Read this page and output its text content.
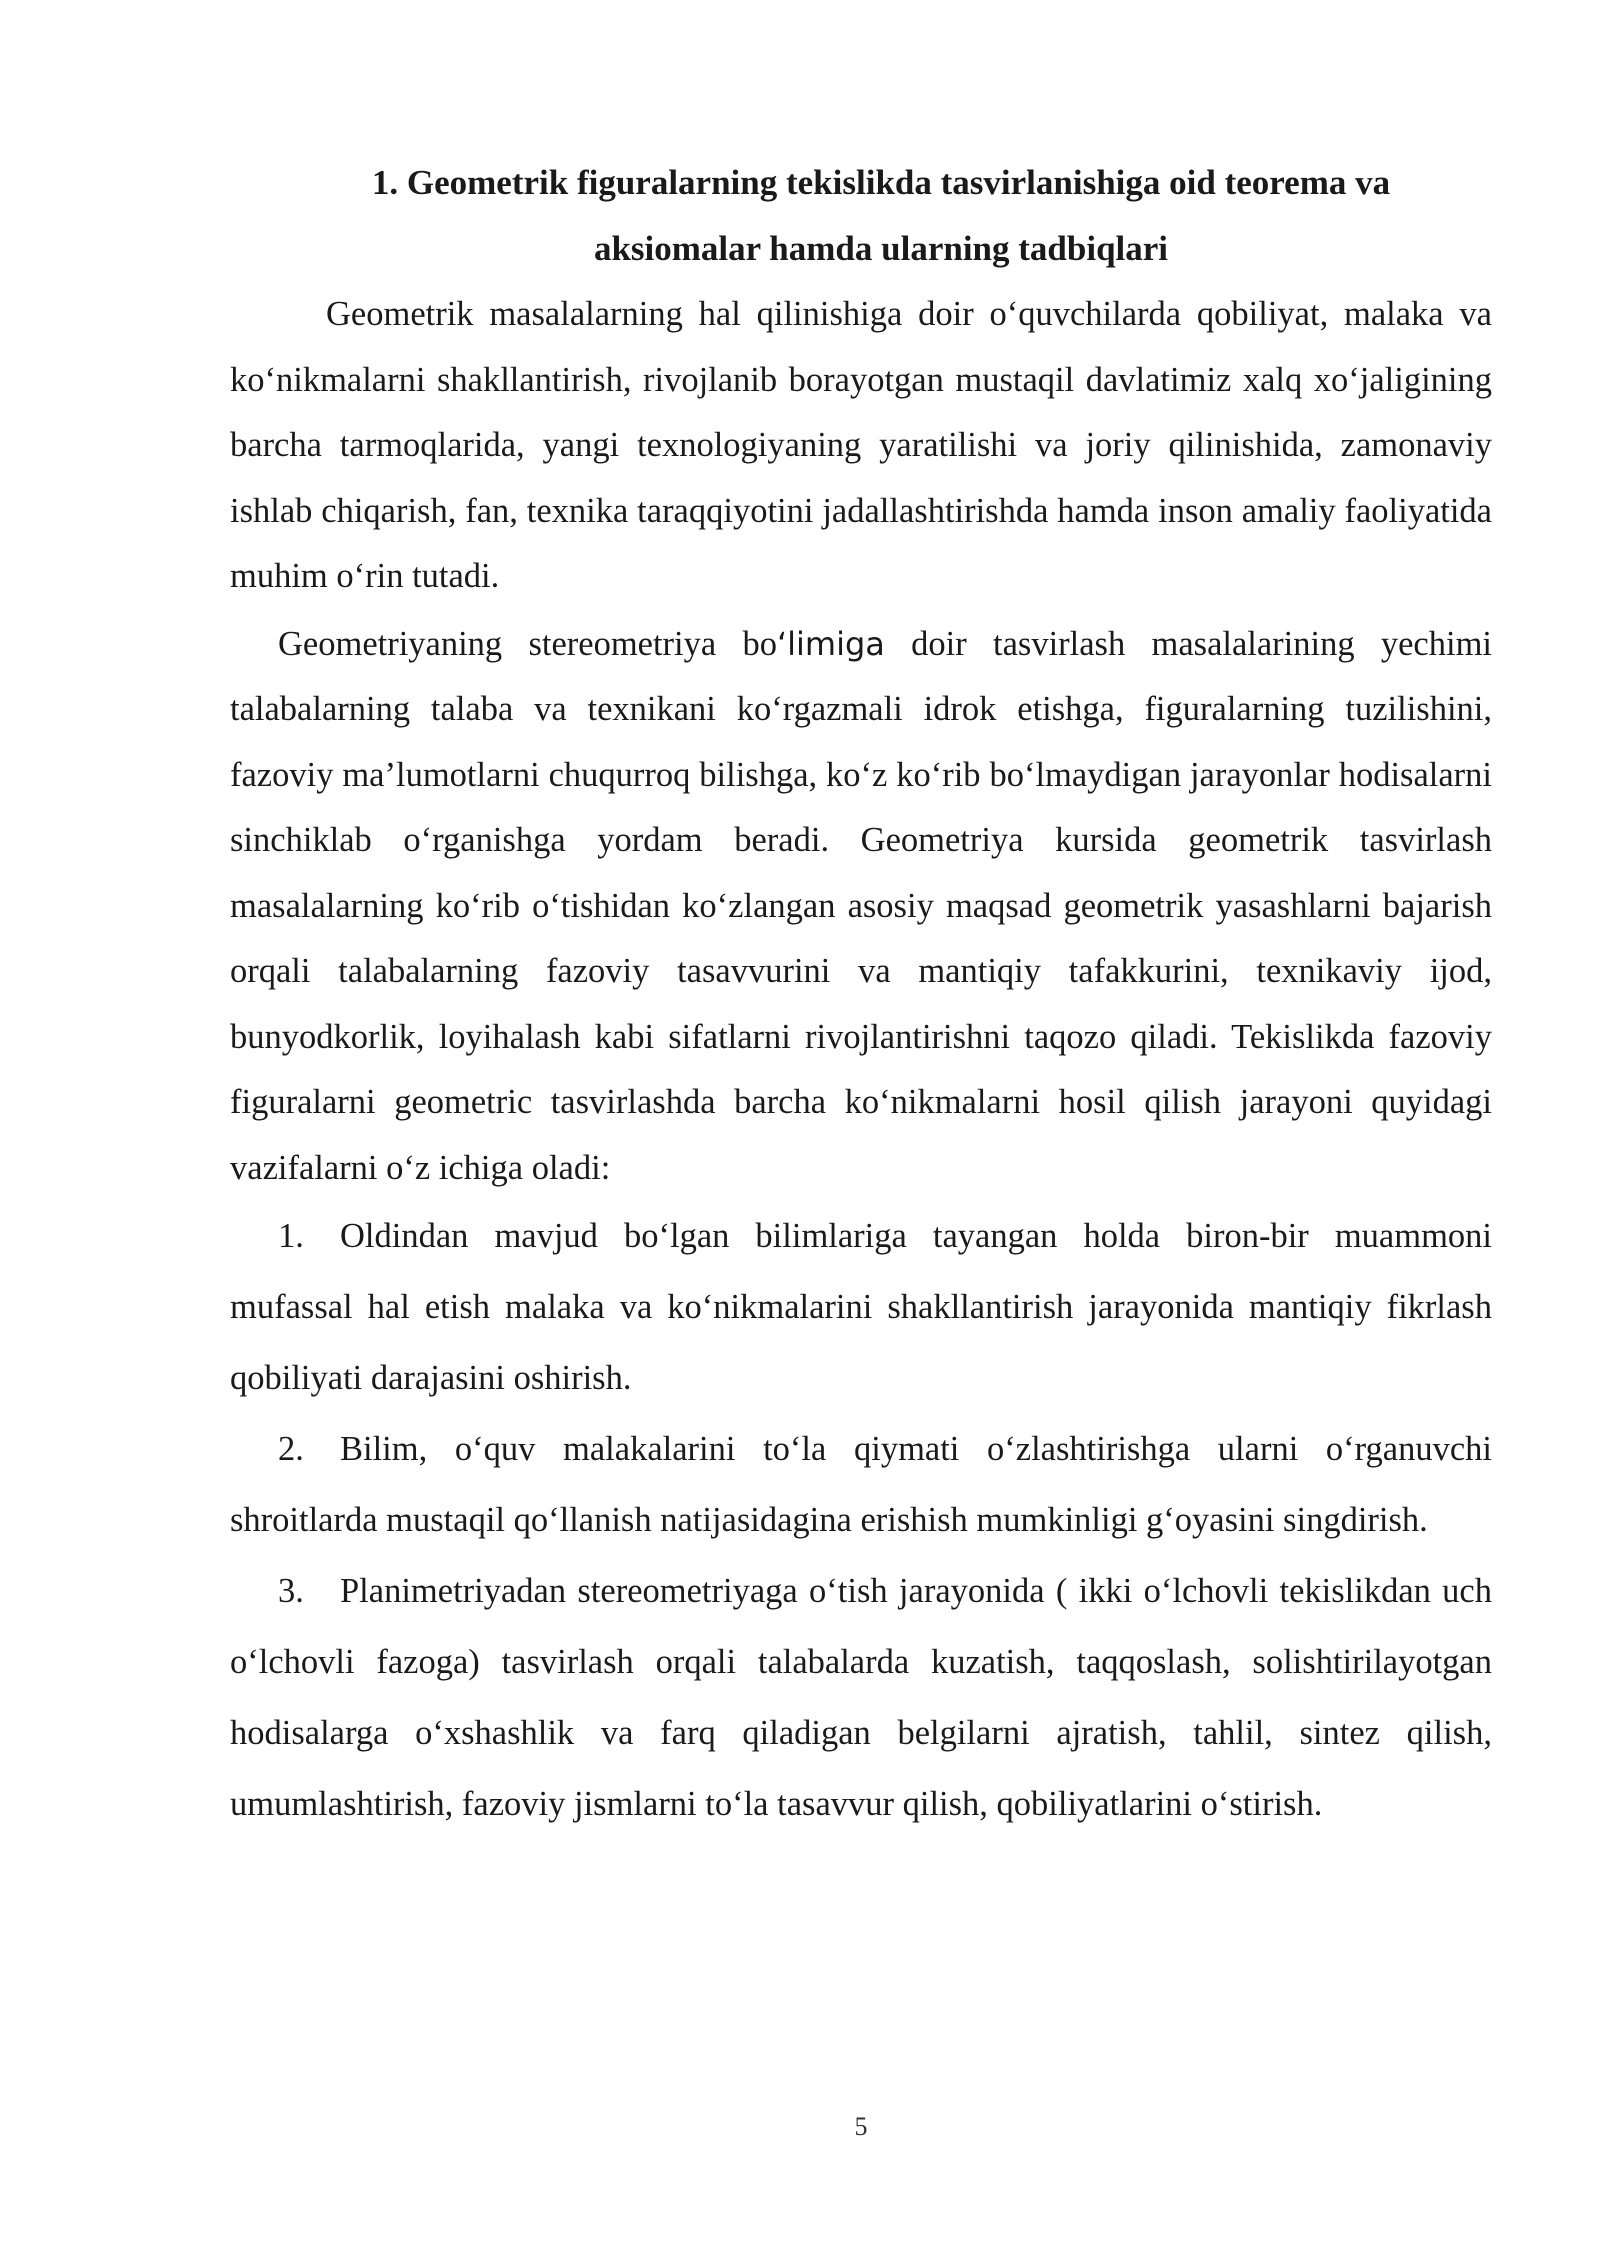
1. Geometrik figuralarning tekislikda tasvirlanishiga oid teorema va aksiomalar hamda ularning tadbiqlari

Geometrik masalalarning hal qilinishiga doir o‘quvchilarda qobiliyat, malaka va ko‘nikmalarni shakllantirish, rivojlanib borayotgan mustaqil davlatimiz xalq xo‘jaligining barcha tarmoqlarida, yangi texnologiyaning yaratilishi va joriy qilinishida, zamonaviy ishlab chiqarish, fan, texnika taraqqiyotini jadallashtirishda hamda inson amaliy faoliyatida muhim o‘rin tutadi.

Geometriyaning stereometriya boʻlimiga doir tasvirlash masalalarining yechimi talabalarning talaba va texnikani ko‘rgazmali idrok etishga, figuralarning tuzilishini, fazoviy ma’lumotlarni chuqurroq bilishga, ko‘z ko‘rib bo‘lmaydigan jarayonlar hodisalarni sinchiklab o‘rganishga yordam beradi. Geometriya kursida geometrik tasvirlash masalalarning ko‘rib o‘tishidan ko‘zlangan asosiy maqsad geometrik yasashlarni bajarish orqali talabalarning fazoviy tasavvurini va mantiqiy tafakkurini, texnikaviy ijod, bunyodkorlik, loyihalash kabi sifatlarni rivojlantirishni taqozo qiladi. Tekislikda fazoviy figuralarni geometric tasvirlashda barcha ko‘nikmalarni hosil qilish jarayoni quyidagi vazifalarni oʻz ichiga oladi:

1. Oldindan mavjud boʻlgan bilimlariga tayangan holda biron-bir muammoni mufassal hal etish malaka va koʻnikmalarini shakllantirish jarayonida mantiqiy fikrlash qobiliyati darajasini oshirish.

2. Bilim, oʻquv malakalarini toʻla qiymati oʻzlashtirishga ularni oʻrganuvchi shroitlarda mustaqil qoʻllanish natijasidagina erishish mumkinligi gʻoyasini singdirish.

3. Planimetriyadan stereometriyaga oʻtish jarayonida ( ikki oʻlchovli tekislikdan uch oʻlchovli fazoga) tasvirlash orqali talabalarda kuzatish, taqqoslash, solishtirilayotgan hodisalarga o‘xshashlik va farq qiladigan belgilarni ajratish, tahlil, sintez qilish, umumlashtirish, fazoviy jismlarni toʻla tasavvur qilish, qobiliyatlarini o‘stirish.

5
